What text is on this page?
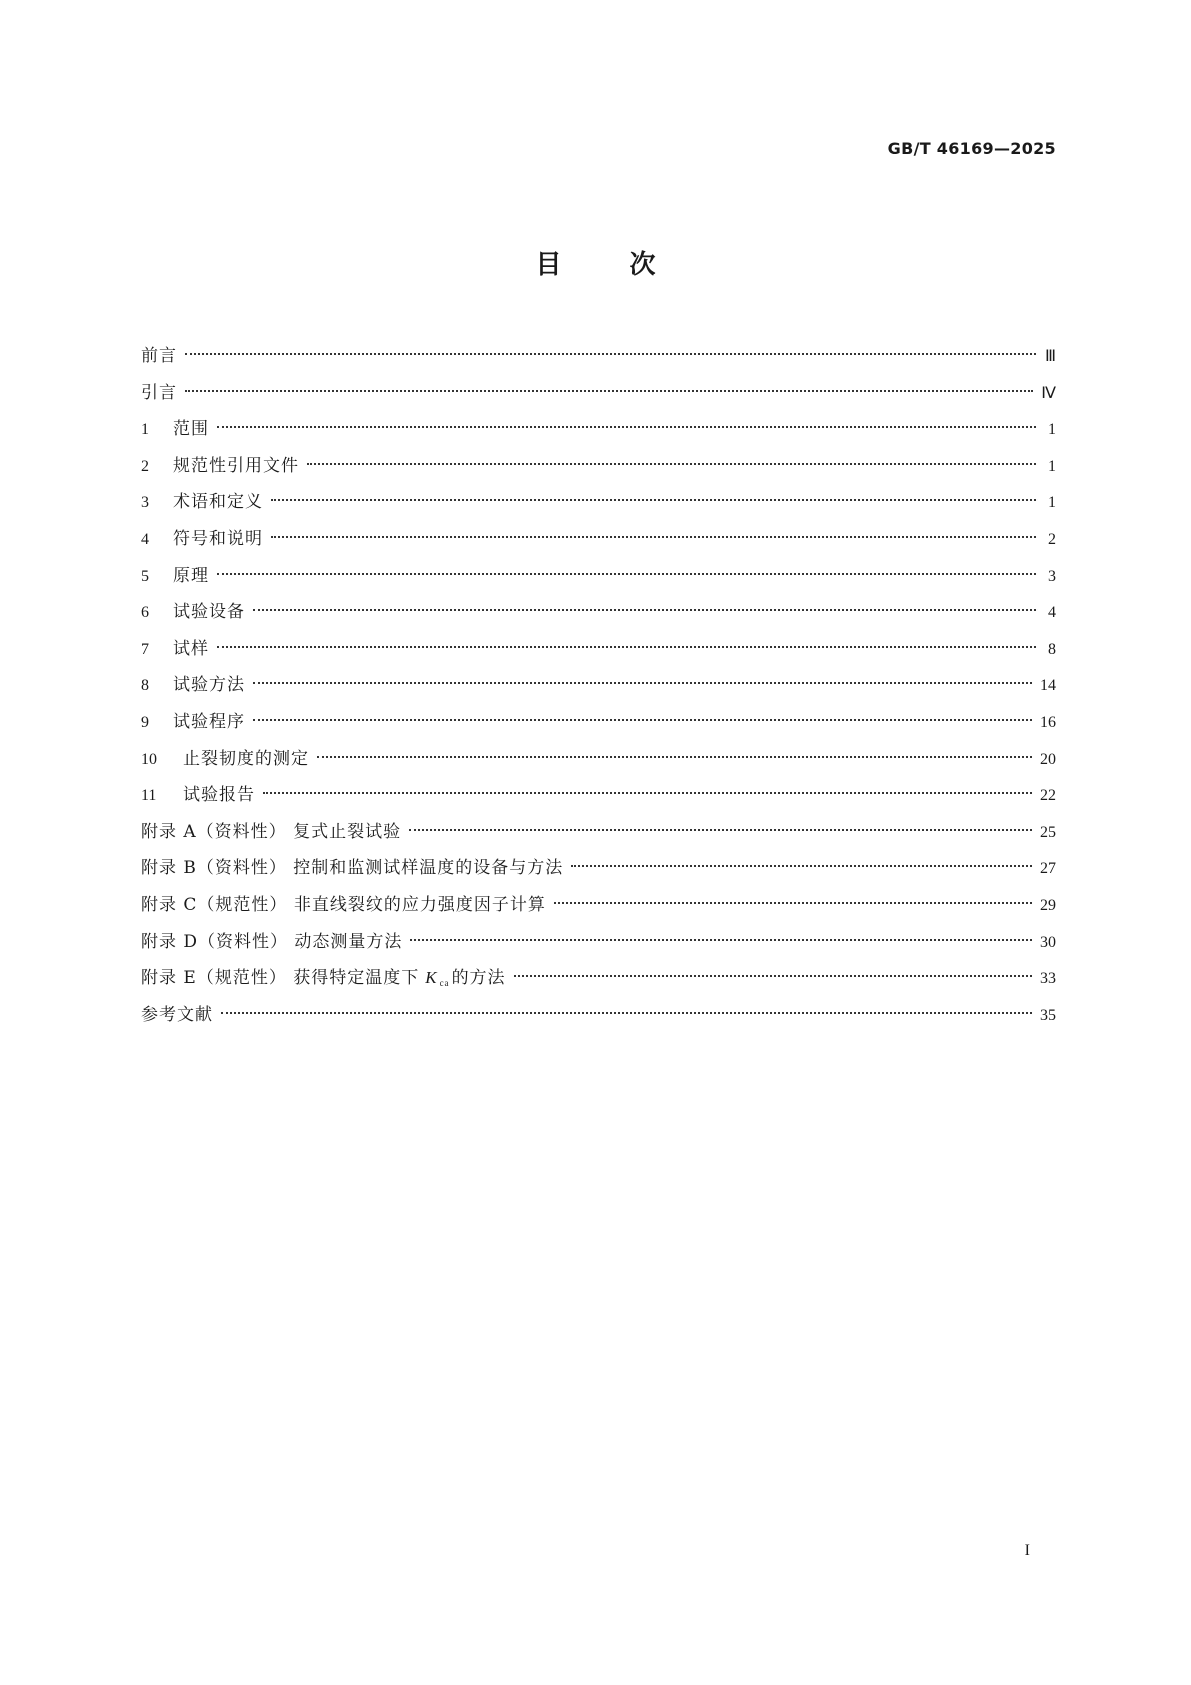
GB/T 46169—2025
目	次
前言	Ⅲ
引言	Ⅳ
1	范围	1
2	规范性引用文件	1
3	术语和定义	1
4	符号和说明	2
5	原理	3
6	试验设备	4
7	试样	8
8	试验方法	14
9	试验程序	16
10	止裂韧度的测定	20
11	试验报告	22
附录 A（资料性） 复式止裂试验	25
附录 B（资料性） 控制和监测试样温度的设备与方法	27
附录 C（规范性） 非直线裂纹的应力强度因子计算	29
附录 D（资料性） 动态测量方法	30
附录 E（规范性） 获得特定温度下 K ca 的方法	33
参考文献	35
I
